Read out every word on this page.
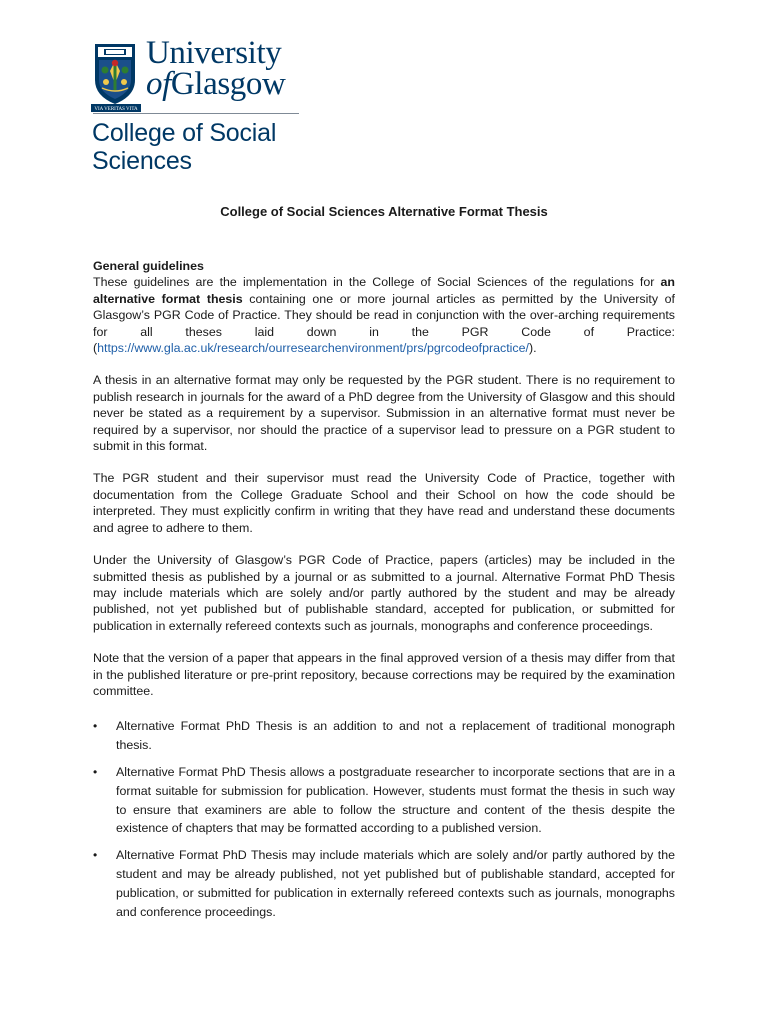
VIA VERITAS VITA
University
ofGlasgow
College of Social
Sciences
College of Social Sciences Alternative Format Thesis
General guidelines

These guidelines are the implementation in the College of Social Sciences of the regulations for an alternative format thesis containing one or more journal articles as permitted by the University of Glasgow’s PGR Code of Practice. They should be read in conjunction with the over-arching requirements for all theses laid down in the PGR Code of Practice: (https://www.gla.ac.uk/research/ourresearchenvironment/prs/pgrcodeofpractice/).

A thesis in an alternative format may only be requested by the PGR student. There is no requirement to publish research in journals for the award of a PhD degree from the University of Glasgow and this should never be stated as a requirement by a supervisor. Submission in an alternative format must never be required by a supervisor, nor should the practice of a supervisor lead to pressure on a PGR student to submit in this format.

The PGR student and their supervisor must read the University Code of Practice, together with documentation from the College Graduate School and their School on how the code should be interpreted. They must explicitly confirm in writing that they have read and understand these documents and agree to adhere to them.

Under the University of Glasgow’s PGR Code of Practice, papers (articles) may be included in the submitted thesis as published by a journal or as submitted to a journal. Alternative Format PhD Thesis may include materials which are solely and/or partly authored by the student and may be already published, not yet published but of publishable standard, accepted for publication, or submitted for publication in externally refereed contexts such as journals, monographs and conference proceedings.

Note that the version of a paper that appears in the final approved version of a thesis may differ from that in the published literature or pre-print repository, because corrections may be required by the examination committee.

• Alternative Format PhD Thesis is an addition to and not a replacement of traditional monograph thesis.
• Alternative Format PhD Thesis allows a postgraduate researcher to incorporate sections that are in a format suitable for submission for publication. However, students must format the thesis in such way to ensure that examiners are able to follow the structure and content of the thesis despite the existence of chapters that may be formatted according to a published version.
• Alternative Format PhD Thesis may include materials which are solely and/or partly authored by the student and may be already published, not yet published but of publishable standard, accepted for publication, or submitted for publication in externally refereed contexts such as journals, monographs and conference proceedings.
